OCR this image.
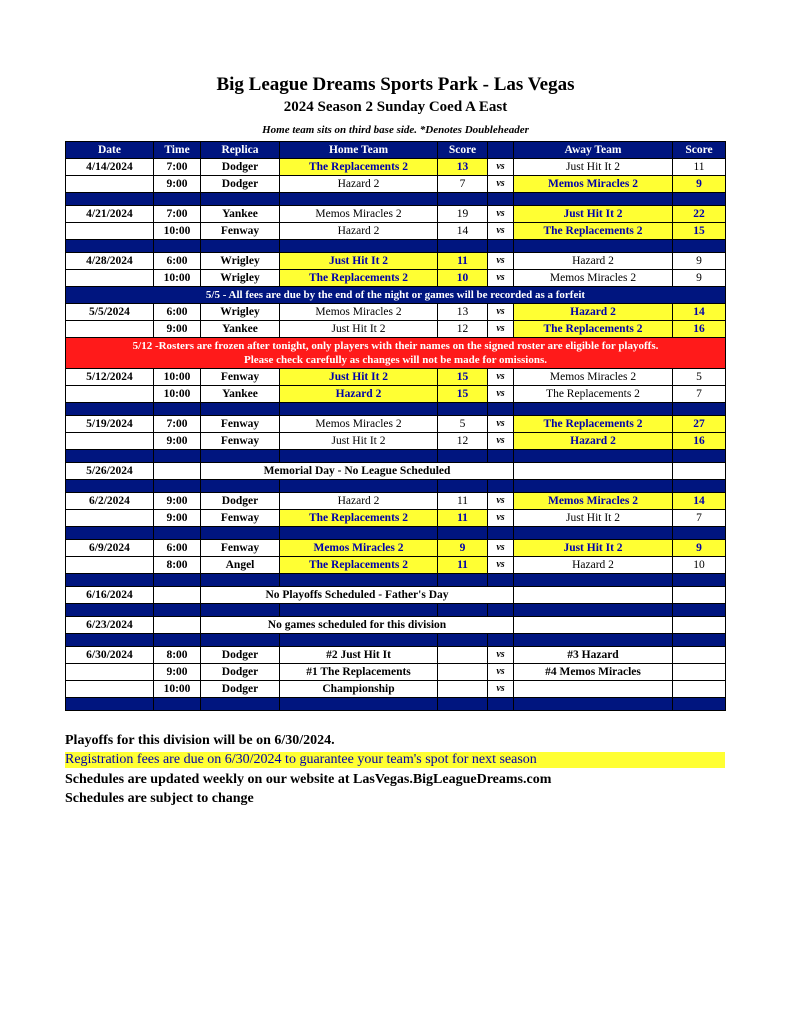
Big League Dreams Sports Park - Las Vegas
2024 Season 2 Sunday Coed A East
Home team sits on third base side. *Denotes Doubleheader
Date	Time	Replica	Home Team	Score		Away Team	Score
4/14/2024	7:00	Dodger	The Replacements 2	13	vs	Just Hit It 2	11
	9:00	Dodger	Hazard 2	7	vs	Memos Miracles 2	9

4/21/2024	7:00	Yankee	Memos Miracles 2	19	vs	Just Hit It 2	22
	10:00	Fenway	Hazard 2	14	vs	The Replacements 2	15

4/28/2024	6:00	Wrigley	Just Hit It 2	11	vs	Hazard 2	9
	10:00	Wrigley	The Replacements 2	10	vs	Memos Miracles 2	9
5/5 - All fees are due by the end of the night or games will be recorded as a forfeit							
5/5/2024	6:00	Wrigley	Memos Miracles 2	13	vs	Hazard 2	14
	9:00	Yankee	Just Hit It 2	12	vs	The Replacements 2	16

5/12 -Rosters are frozen after tonight, only players with their names on the signed roster are eligible for playoffs.
Please check carefully as changes will not be made for omissions.							

5/12/2024	10:00	Fenway	Just Hit It 2	15	vs	Memos Miracles 2	5
	10:00	Yankee	Hazard 2	15	vs	The Replacements 2	7

5/19/2024	7:00	Fenway	Memos Miracles 2	5	vs	The Replacements 2	27
	9:00	Fenway	Just Hit It 2	12	vs	Hazard 2	16

5/26/2024		Memorial Day - No League Scheduled					

6/2/2024	9:00	Dodger	Hazard 2	11	vs	Memos Miracles 2	14
	9:00	Fenway	The Replacements 2	11	vs	Just Hit It 2	7

6/9/2024	6:00	Fenway	Memos Miracles 2	9	vs	Just Hit It 2	9
	8:00	Angel	The Replacements 2	11	vs	Hazard 2	10

6/16/2024		No Playoffs Scheduled - Father's Day					

6/23/2024		No games scheduled for this division					

6/30/2024	8:00	Dodger	#2 Just Hit It		vs	#3 Hazard	
	9:00	Dodger	#1 The Replacements		vs	#4 Memos Miracles	
	10:00	Dodger	Championship		vs		

Playoffs for this division will be on 6/30/2024.
Registration fees are due on 6/30/2024 to guarantee your team's spot for next season
Schedules are updated weekly on our website at LasVegas.BigLeagueDreams.com
Schedules are subject to change
